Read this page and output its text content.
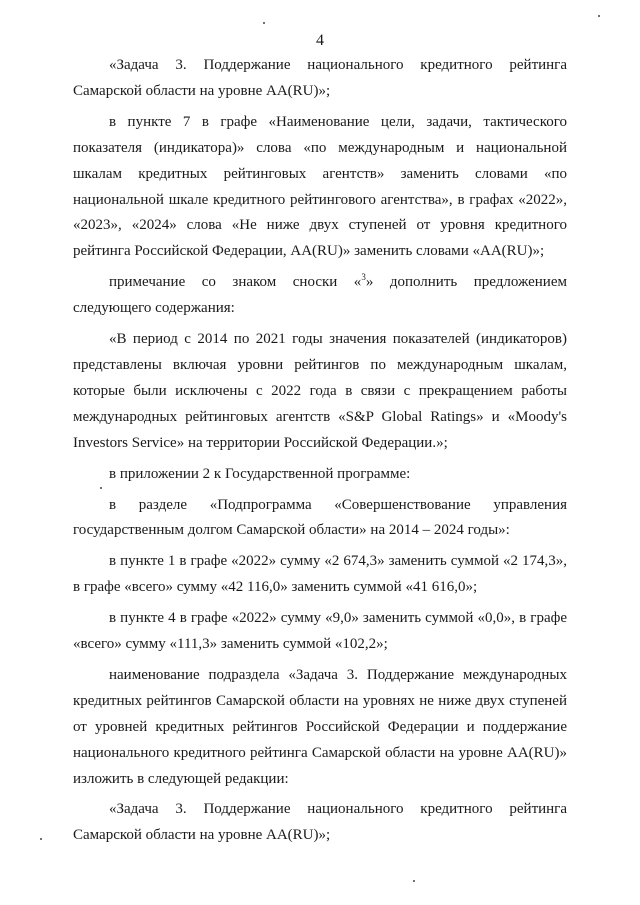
4

«Задача 3. Поддержание национального кредитного рейтинга Самарской области на уровне АА(RU)»;

в пункте 7 в графе «Наименование цели, задачи, тактического показателя (индикатора)» слова «по международным и национальной шкалам кредитных рейтинговых агентств» заменить словами «по национальной шкале кредитного рейтингового агентства», в графах «2022», «2023», «2024» слова «Не ниже двух ступеней от уровня кредитного рейтинга Российской Федерации, АА(RU)» заменить словами «АА(RU)»;

примечание со знаком сноски «$^3$» дополнить предложением следующего содержания:

«В период с 2014 по 2021 годы значения показателей (индикаторов) представлены включая уровни рейтингов по международным шкалам, которые были исключены с 2022 года в связи с прекращением работы международных рейтинговых агентств «S&P Global Ratings» и «Moody's Investors Service» на территории Российской Федерации.»;

в приложении 2 к Государственной программе:

в разделе «Подпрограмма «Совершенствование управления государственным долгом Самарской области» на 2014 – 2024 годы»:

в пункте 1 в графе «2022» сумму «2 674,3» заменить суммой «2 174,3», в графе «всего» сумму «42 116,0» заменить суммой «41 616,0»;

в пункте 4 в графе «2022» сумму «9,0» заменить суммой «0,0», в графе «всего» сумму «111,3» заменить суммой «102,2»;

наименование подраздела «Задача 3. Поддержание международных кредитных рейтингов Самарской области на уровнях не ниже двух ступеней от уровней кредитных рейтингов Российской Федерации и поддержание национального кредитного рейтинга Самарской области на уровне АА(RU)» изложить в следующей редакции:

«Задача 3. Поддержание национального кредитного рейтинга Самарской области на уровне АА(RU)»;
